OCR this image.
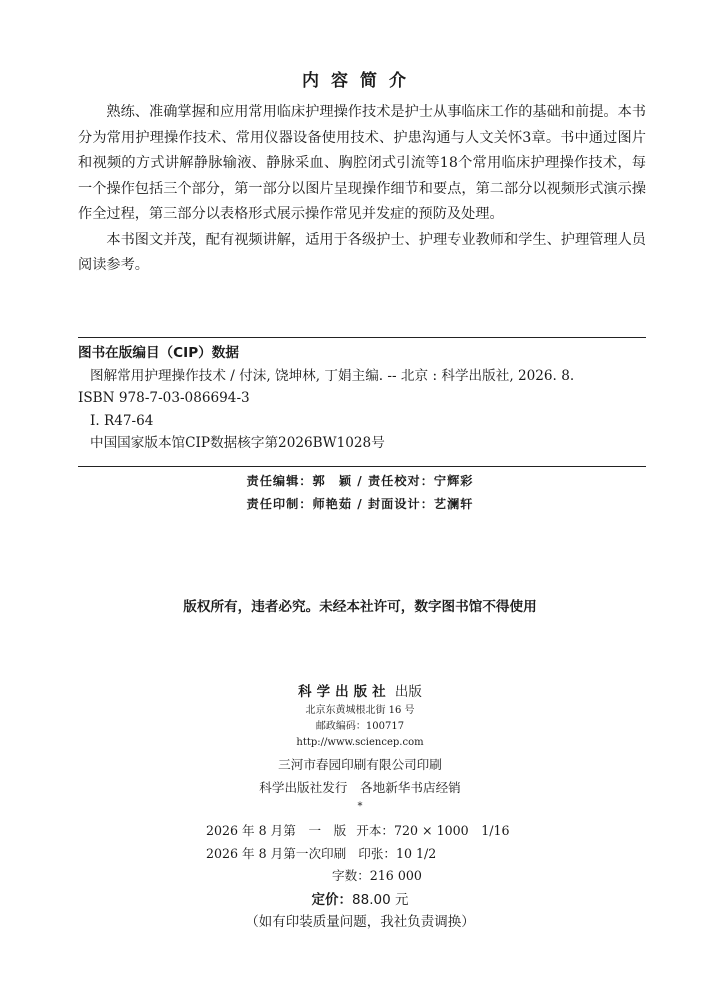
内容简介

熟练、准确掌握和应用常用临床护理操作技术是护士从事临床工作的基础和前提。本书分为常用护理操作技术、常用仪器设备使用技术、护患沟通与人文关怀3章。书中通过图片和视频的方式讲解静脉输液、静脉采血、胸腔闭式引流等18个常用临床护理操作技术，每一个操作包括三个部分，第一部分以图片呈现操作细节和要点，第二部分以视频形式演示操作全过程，第三部分以表格形式展示操作常见并发症的预防及处理。

本书图文并茂，配有视频讲解，适用于各级护士、护理专业教师和学生、护理管理人员阅读参考。

图书在版编目（CIP）数据
图解常用护理操作技术 / 付沫, 饶坤林, 丁娟主编. -- 北京 : 科学出版社, 2026. 8.
ISBN 978-7-03-086694-3
Ⅰ. R47-64
中国国家版本馆CIP数据核字第2026BW1028号
责任编辑：郭　颖 / 责任校对：宁辉彩
责任印制：师艳茹 / 封面设计：艺澜轩
版权所有，违者必究。未经本社许可，数字图书馆不得使用
科学出版社 出版
北京东黄城根北街 16 号
邮政编码：100717
http://www.sciencep.com
三河市春园印刷有限公司印刷
科学出版社发行　各地新华书店经销
*
2026 年 8 月第　一　版 开本：720 × 1000　1/16
2026 年 8 月第一次印刷 印张：10 1/2
字数：216 000
定价：88.00 元
（如有印装质量问题，我社负责调换）
